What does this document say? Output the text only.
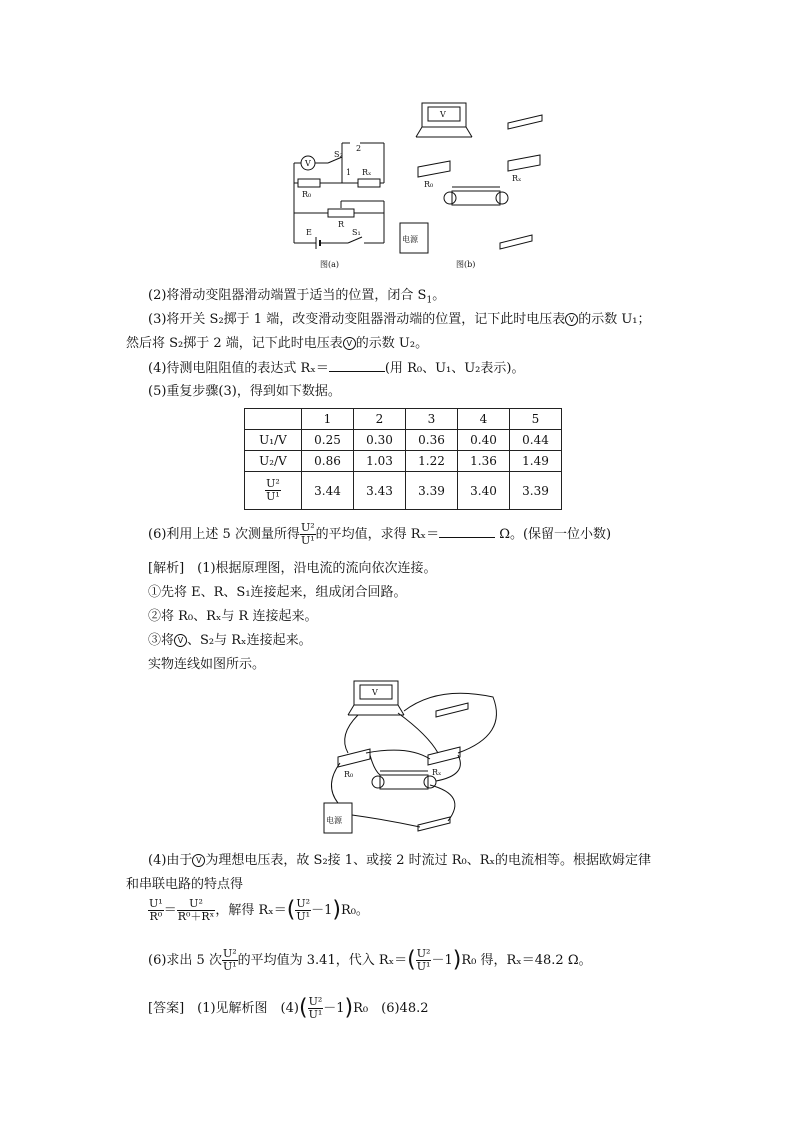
V
S₂
2
1
R₀
Rₓ
R
E	S₁
图(a)
V
R₀
Rₓ
电源
图(b)
(2)将滑动变阻器滑动端置于适当的位置，闭合 $S_1$。
(3)将开关 S₂掷于 1 端，改变滑动变阻器滑动端的位置，记下此时电压表 V 的示数 U₁；
然后将 S₂掷于 2 端，记下此时电压表 V 的示数 U₂。
(4)待测电阻阻值的表达式 Rₓ＝	(用 R₀、U₁、U₂表示)。
(5)重复步骤(3)，得到如下数据。
	1	2	3	4	5
U₁/V	0.25	0.30	0.36	0.40	0.44
U₂/V	0.86	1.03	1.22	1.36	1.49

$\frac{\text{U²}}{\text{U¹}}$	3.44	3.43	3.39	3.40	3.39
(6)利用上述 5 次测量所得 $\frac{\text{U²}}{\text{U¹}}$ 的平均值，求得 Rₓ＝	Ω。(保留一位小数)
[解析]　(1)根据原理图，沿电流的流向依次连接。
①先将 E、R、S₁连接起来，组成闭合回路。
②将 R₀、Rₓ与 R 连接起来。
③将 V 、S₂与 Rₓ连接起来。
实物连线如图所示。
V
R₀	Rₓ
电源
(4)由于 V 为理想电压表，故 S₂接 1、或接 2 时流过 R₀、Rₓ的电流相等。根据欧姆定律
和串联电路的特点得
$\frac{\text{U¹}}{\text{R⁰}} = \frac{\text{U²}}{\text{R⁰＋Rˣ}}$ ，解得 $R_x=( \frac{\text{U²}}{\text{U¹}} -1)R_0$。
(6)求出 5 次 $\frac{\text{U²}}{\text{U¹}}$ 的平均值为 3.41，代入 $R_x=( \frac{\text{U²}}{\text{U¹}} -1)R_0$ 得，Rₓ＝48.2 Ω。
[答案]　(1)见解析图　$(4)( \frac{\text{U²}}{\text{U¹}} -1)R_0$　(6)48.2
